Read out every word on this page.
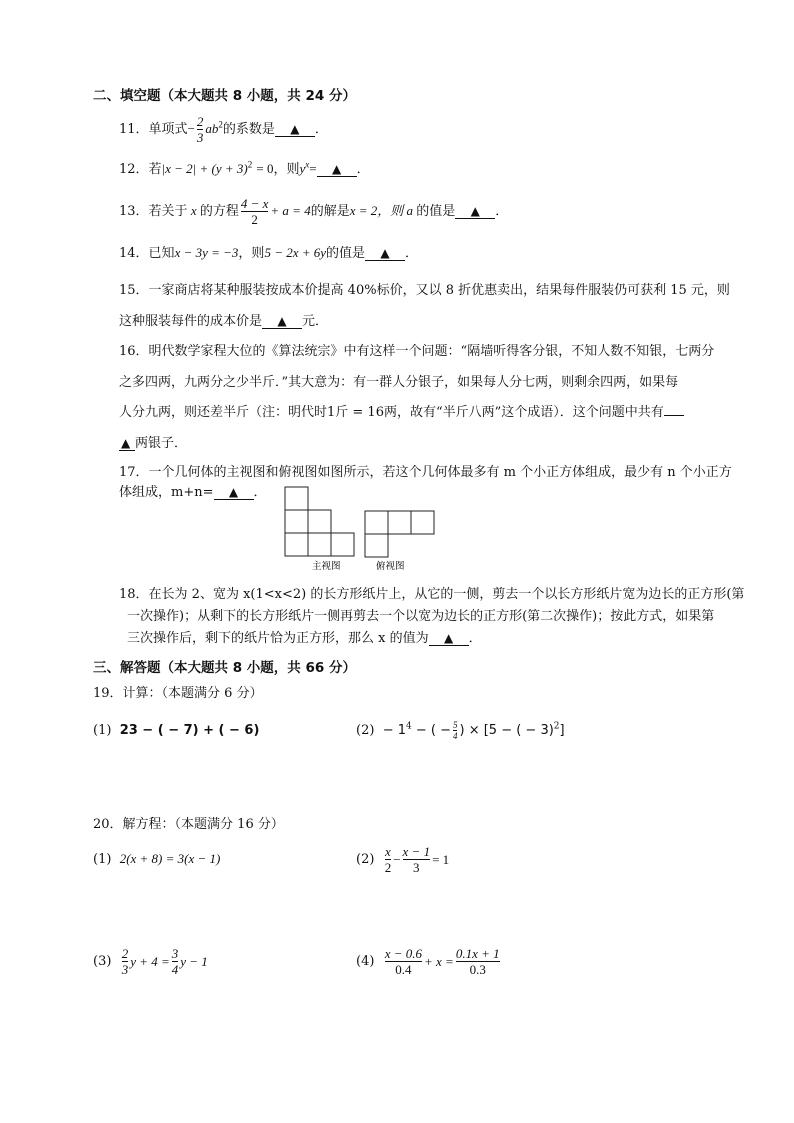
二、填空题（本大题共 8 小题，共 24 分）
11．单项式− $\frac{2}{3} ab^2$的系数是 ▲ ．
12．若$|x - 2| + (y + 3)^2 = 0$，则$y^x=$ ▲ ．
13．若关于 x 的方程 $\frac{4 - x}{2} + a = 4$的解是x = 2，则 a 的值是 ▲ ．
14．已知x − 3y = −3，则5 − 2x + 6y的值是 ▲ ．
15．一家商店将某种服装按成本价提高 40%标价，又以 8 折优惠卖出，结果每件服装仍可获利 15 元，则
这种服装每件的成本价是 ▲ 元．
16．明代数学家程大位的《算法统宗》中有这样一个问题：“隔墙听得客分银，不知人数不知银，七两分
之多四两，九两分之少半斤．”其大意为：有一群人分银子，如果每人分七两，则剩余四两，如果每
人分九两，则还差半斤（注：明代时1斤 = 16两，故有“半斤八两”这个成语）．这个问题中共有
▲ 两银子．
17．一个几何体的主视图和俯视图如图所示，若这个几何体最多有 m 个小正方体组成，最少有 n 个小正方
体组成，m+n= ▲ ．
主视图	俯视图
18．在长为 2、宽为 x(1<x<2) 的长方形纸片上，从它的一侧，剪去一个以长方形纸片宽为边长的正方形(第
一次操作)；从剩下的长方形纸片一侧再剪去一个以宽为边长的正方形(第二次操作)；按此方式，如果第
三次操作后，剩下的纸片恰为正方形，那么 x 的值为 ▲ ．
三、解答题（本大题共 8 小题，共 66 分）
19．计算：（本题满分 6 分）
(1) 23 − ( − 7) + ( − 6)	$(2) - 1^4$ − ( − $\frac{5}{4}$ ) × [5 − ( − 3)$^2$]
20．解方程：（本题满分 16 分）
(1) 2(x + 8) = 3(x − 1)	$(2) \frac{x}{2} - \frac{x - 1}{3} = 1$
$(3) \frac{2}{3}$ $y + 4 = \frac{3}{4}$ y − 1	$(4) \frac{x - 0.6}{0.4} + x = \frac{0.1x + 1}{0.3}$
